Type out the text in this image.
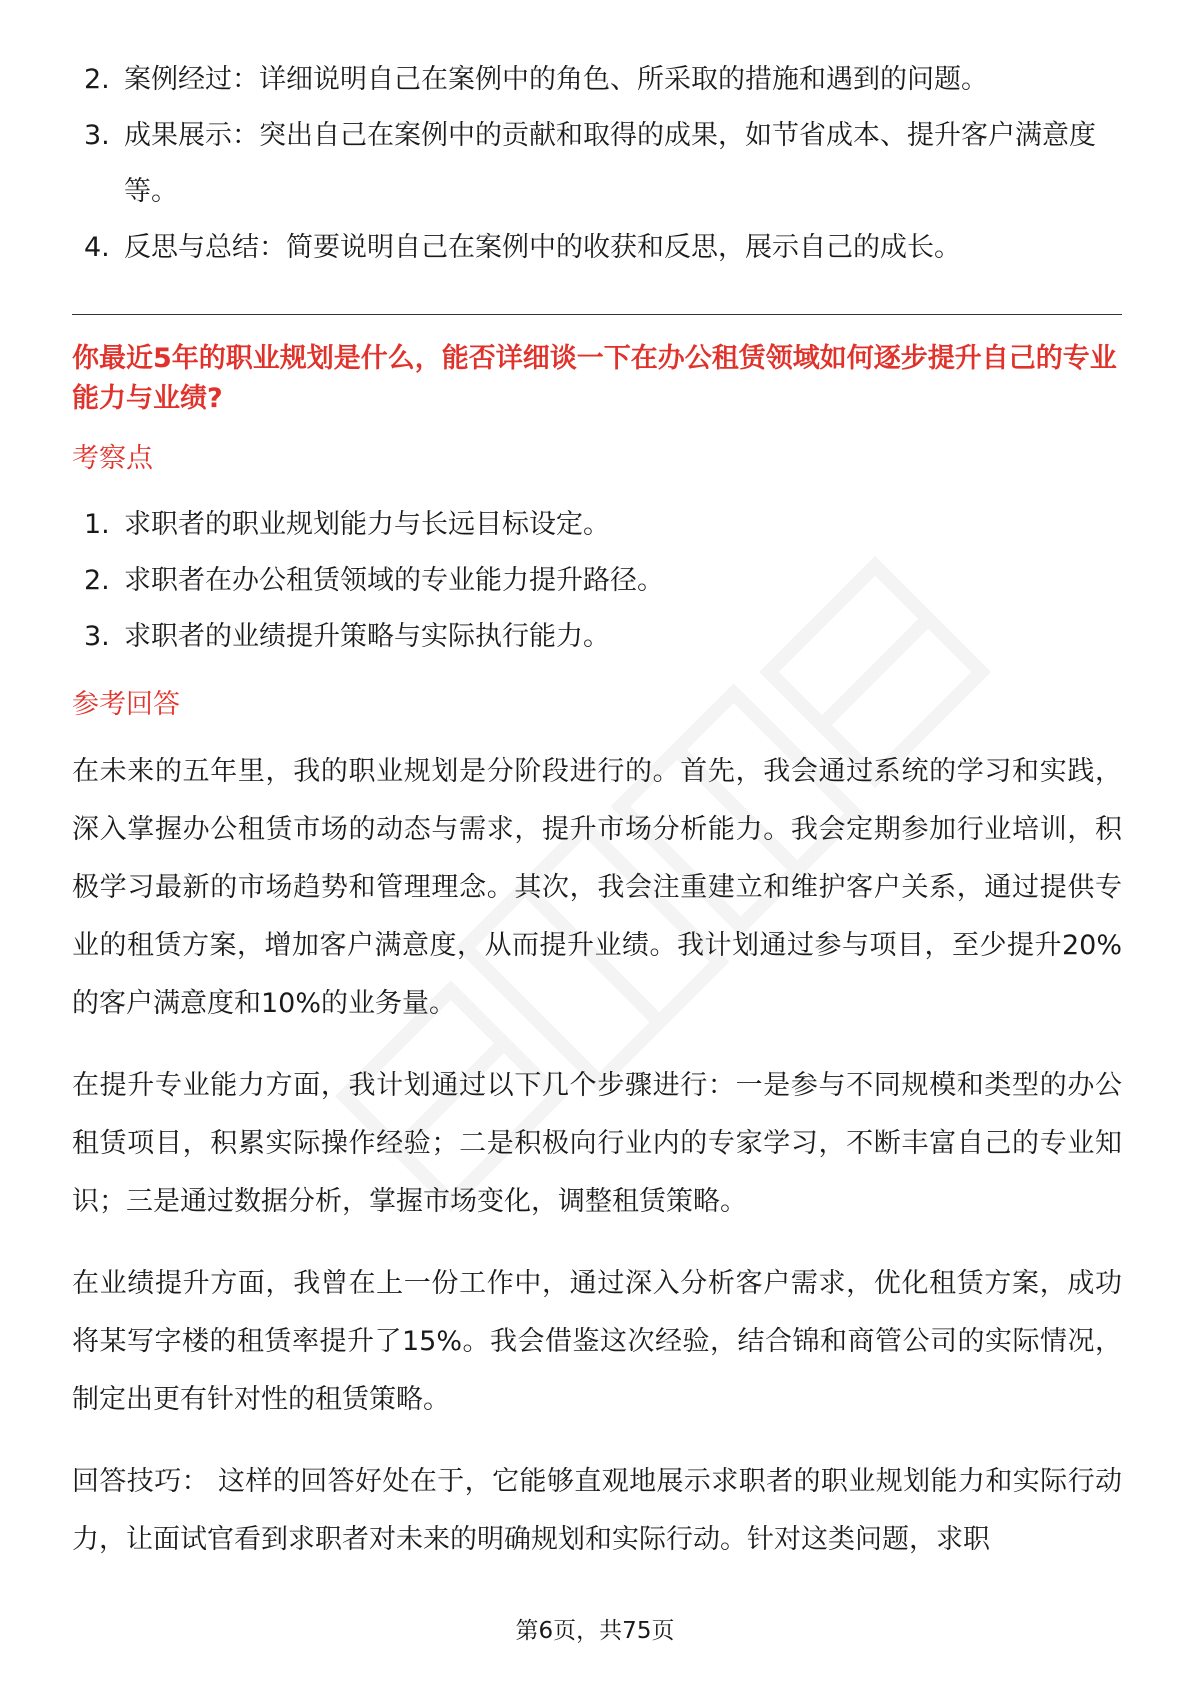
2. 案例经过：详细说明自己在案例中的角色、所采取的措施和遇到的问题。
3. 成果展示：突出自己在案例中的贡献和取得的成果，如节省成本、提升客户满意度等。
4. 反思与总结：简要说明自己在案例中的收获和反思，展示自己的成长。

你最近5年的职业规划是什么，能否详细谈一下在办公租赁领域如何逐步提升自己的专业能力与业绩?

考察点
1. 求职者的职业规划能力与长远目标设定。
2. 求职者在办公租赁领域的专业能力提升路径。
3. 求职者的业绩提升策略与实际执行能力。
参考回答

在未来的五年里，我的职业规划是分阶段进行的。首先，我会通过系统的学习和实践，深入掌握办公租赁市场的动态与需求，提升市场分析能力。我会定期参加行业培训，积极学习最新的市场趋势和管理理念。其次，我会注重建立和维护客户关系，通过提供专业的租赁方案，增加客户满意度，从而提升业绩。我计划通过参与项目，至少提升20%的客户满意度和10%的业务量。

在提升专业能力方面，我计划通过以下几个步骤进行：一是参与不同规模和类型的办公租赁项目，积累实际操作经验；二是积极向行业内的专家学习，不断丰富自己的专业知识；三是通过数据分析，掌握市场变化，调整租赁策略。

在业绩提升方面，我曾在上一份工作中，通过深入分析客户需求，优化租赁方案，成功将某写字楼的租赁率提升了15%。我会借鉴这次经验，结合锦和商管公司的实际情况，制定出更有针对性的租赁策略。

回答技巧： 这样的回答好处在于，它能够直观地展示求职者的职业规划能力和实际行动力，让面试官看到求职者对未来的明确规划和实际行动。针对这类问题，求职

第6页，共75页
